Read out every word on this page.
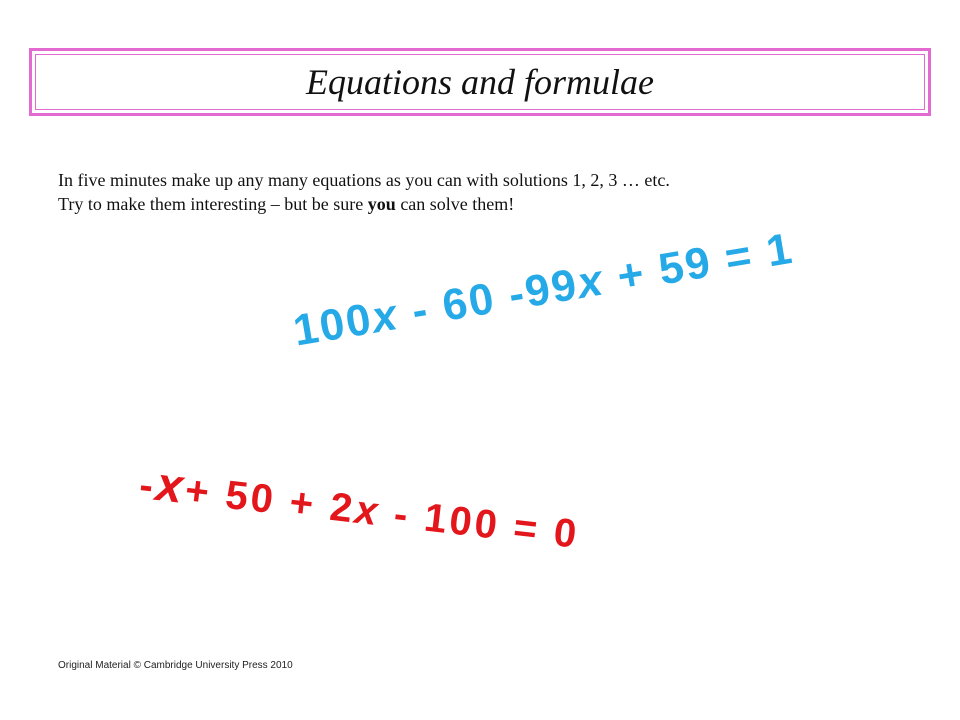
Equations and formulae

In five minutes make up any many equations as you can with solutions 1, 2, 3 … etc.

Try to make them interesting – but be sure you can solve them!

100x - 60 -99x + 59 = 1
-x+ 50 + 2x - 100 = 0
Original Material © Cambridge University Press 2010
